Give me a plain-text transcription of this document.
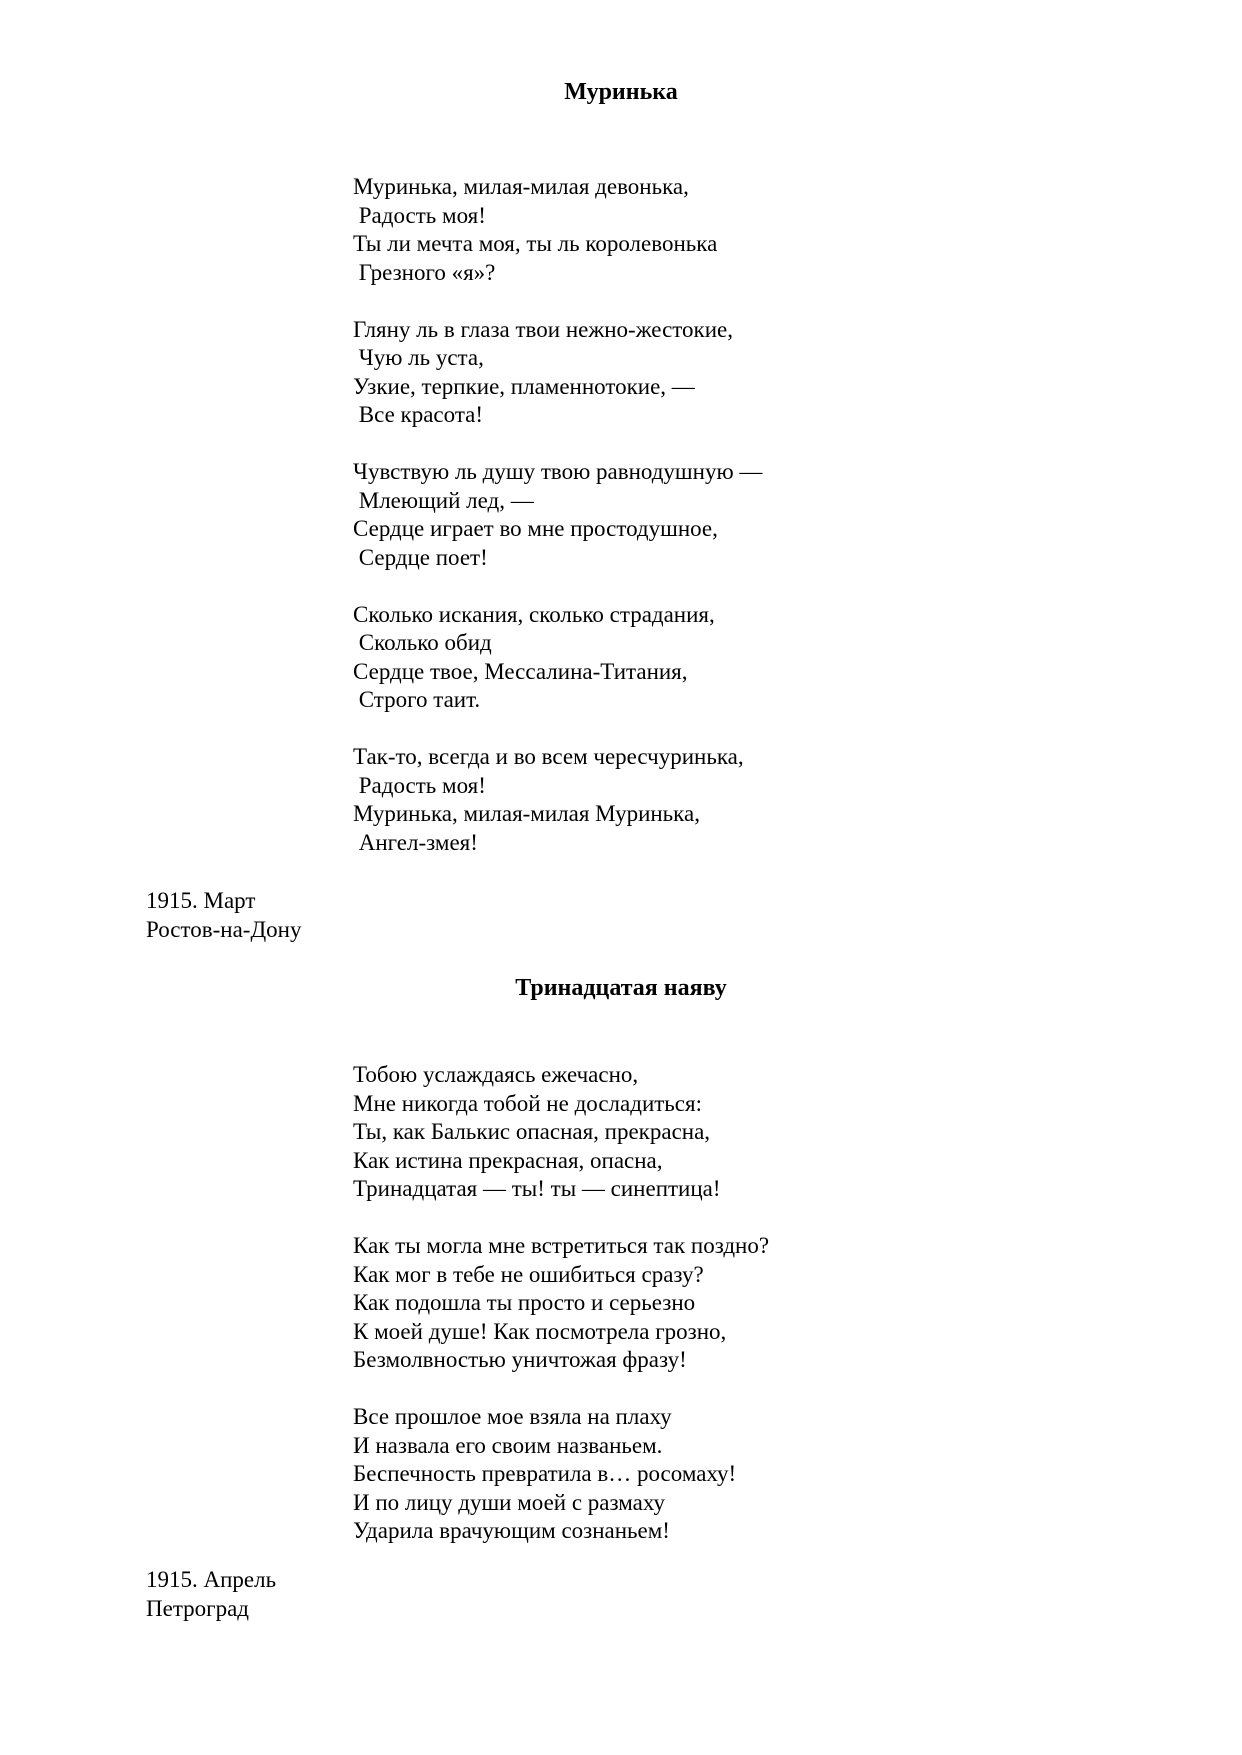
Муринька
Муринька, милая-милая девонька,
Радость моя!
Ты ли мечта моя, ты ль королевонька
Грезного «я»?
Гляну ль в глаза твои нежно-жестокие,
Чую ль уста,
Узкие, терпкие, пламеннотокие, —
Все красота!
Чувствую ль душу твою равнодушную —
Млеющий лед, —
Сердце играет во мне простодушное,
Сердце поет!
Сколько искания, сколько страдания,
Сколько обид
Сердце твое, Мессалина-Титания,
Строго таит.
Так-то, всегда и во всем чересчуринька,
Радость моя!
Муринька, милая-милая Муринька,
Ангел-змея!
1915. Март
Ростов-на-Дону
Тринадцатая наяву
Тобою услаждаясь ежечасно,
Мне никогда тобой не досладиться:
Ты, как Балькис опасная, прекрасна,
Как истина прекрасная, опасна,
Тринадцатая — ты! ты — синептица!
Как ты могла мне встретиться так поздно?
Как мог в тебе не ошибиться сразу?
Как подошла ты просто и серьезно
К моей душе! Как посмотрела грозно,
Безмолвностью уничтожая фразу!
Все прошлое мое взяла на плаху
И назвала его своим названьем.
Беспечность превратила в… росомаху!
И по лицу души моей с размаху
Ударила врачующим сознаньем!
1915. Апрель
Петроград
